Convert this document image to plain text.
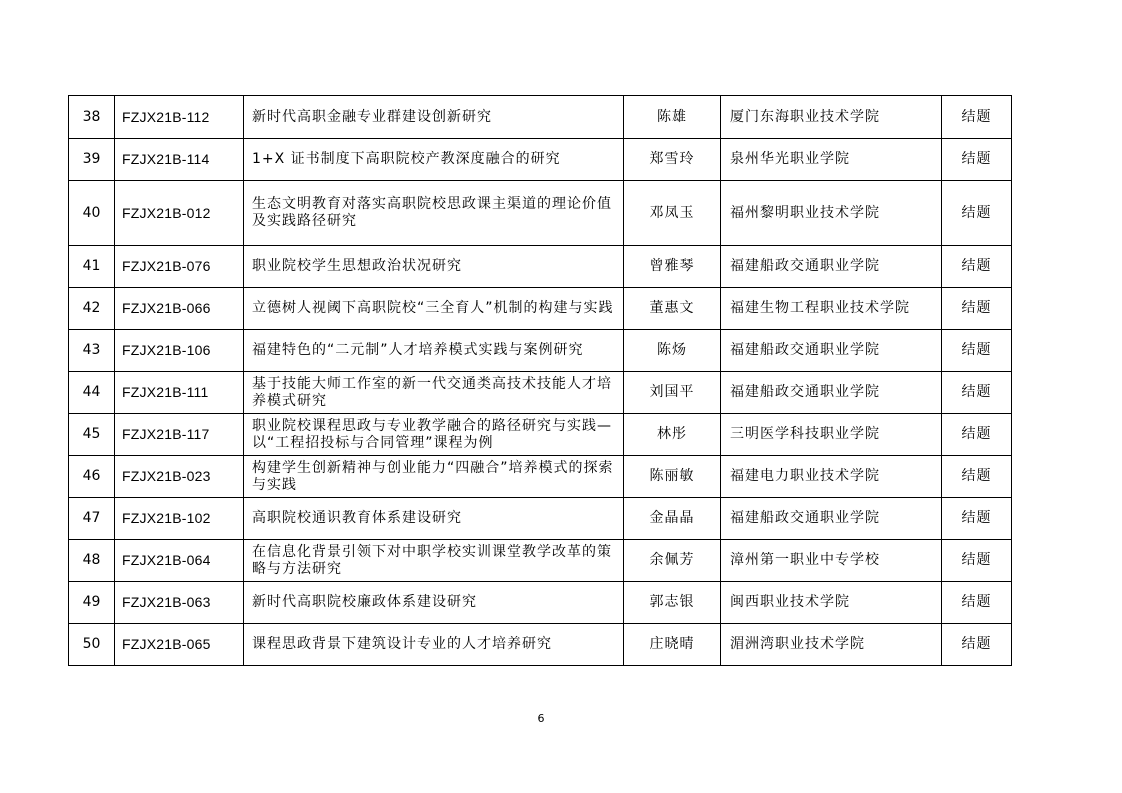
38	FZJX21B-112	新时代高职金融专业群建设创新研究	陈雄	厦门东海职业技术学院	结题
39	FZJX21B-114	1+X 证书制度下高职院校产教深度融合的研究	郑雪玲	泉州华光职业学院	结题
40	FZJX21B-012	生态文明教育对落实高职院校思政课主渠道的理论价值及实践路径研究	邓凤玉	福州黎明职业技术学院	结题
41	FZJX21B-076	职业院校学生思想政治状况研究	曾雅琴	福建船政交通职业学院	结题
42	FZJX21B-066	立德树人视阈下高职院校“三全育人”机制的构建与实践	董惠文	福建生物工程职业技术学院	结题
43	FZJX21B-106	福建特色的“二元制”人才培养模式实践与案例研究	陈炀	福建船政交通职业学院	结题
44	FZJX21B-111	基于技能大师工作室的新一代交通类高技术技能人才培养模式研究	刘国平	福建船政交通职业学院	结题
45	FZJX21B-117	职业院校课程思政与专业教学融合的路径研究与实践—以“工程招投标与合同管理”课程为例	林彤	三明医学科技职业学院	结题
46	FZJX21B-023	构建学生创新精神与创业能力“四融合”培养模式的探索与实践	陈丽敏	福建电力职业技术学院	结题
47	FZJX21B-102	高职院校通识教育体系建设研究	金晶晶	福建船政交通职业学院	结题
48	FZJX21B-064	在信息化背景引领下对中职学校实训课堂教学改革的策略与方法研究	余佩芳	漳州第一职业中专学校	结题
49	FZJX21B-063	新时代高职院校廉政体系建设研究	郭志银	闽西职业技术学院	结题
50	FZJX21B-065	课程思政背景下建筑设计专业的人才培养研究	庄晓晴	湄洲湾职业技术学院	结题
6
